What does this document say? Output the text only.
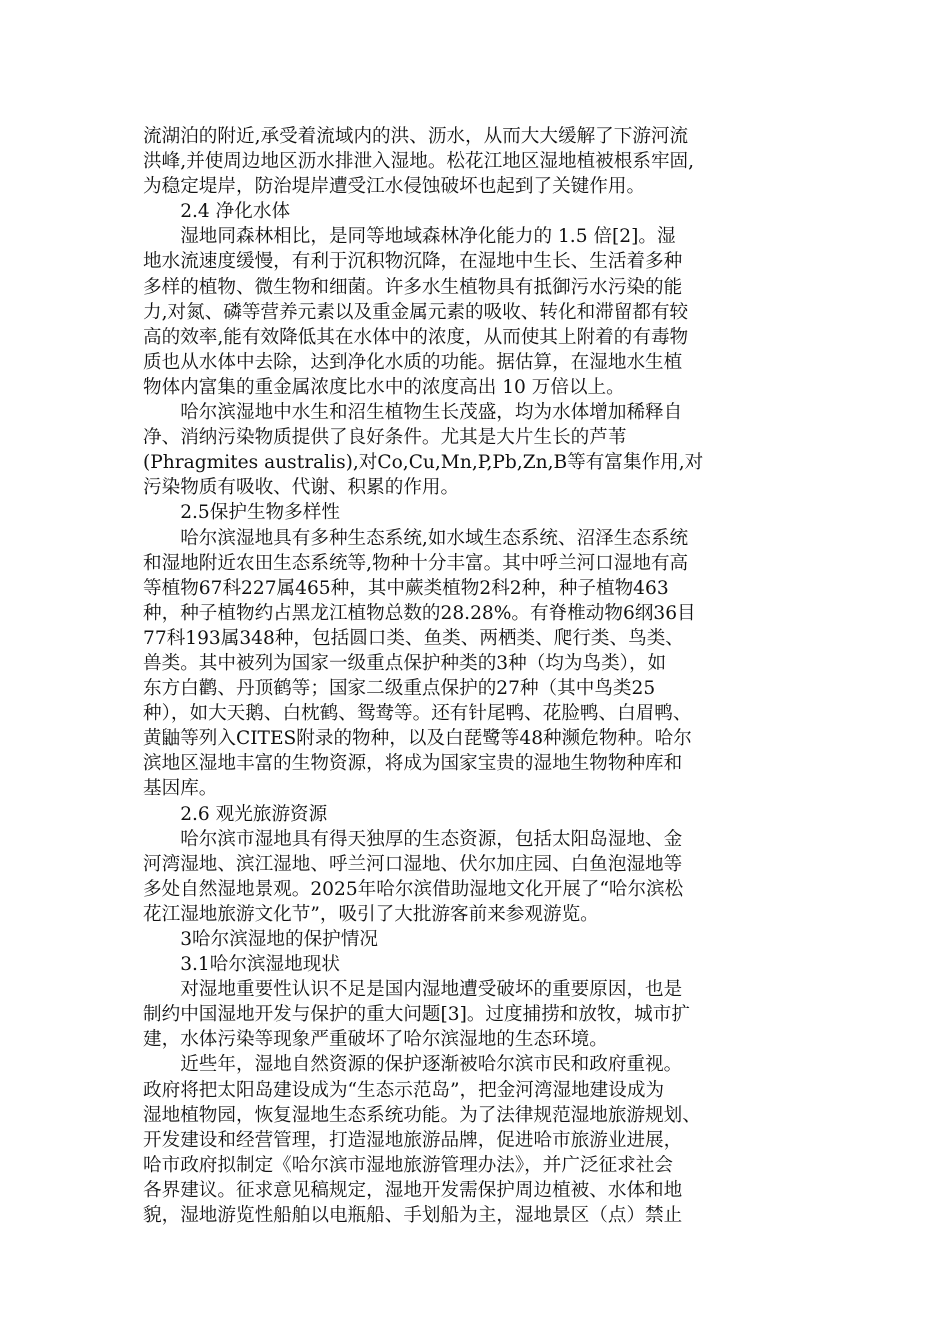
流湖泊的附近,承受着流域内的洪、沥水，从而大大缓解了下游河流
洪峰,并使周边地区沥水排泄入湿地。松花江地区湿地植被根系牢固,
为稳定堤岸，防治堤岸遭受江水侵蚀破坏也起到了关键作用。
　　2.4 净化水体
　　湿地同森林相比，是同等地域森林净化能力的 1.5 倍[2]。湿
地水流速度缓慢，有利于沉积物沉降，在湿地中生长、生活着多种
多样的植物、微生物和细菌。许多水生植物具有抵御污水污染的能
力,对氮、磷等营养元素以及重金属元素的吸收、转化和滞留都有较
高的效率,能有效降低其在水体中的浓度，从而使其上附着的有毒物
质也从水体中去除，达到净化水质的功能。据估算，在湿地水生植
物体内富集的重金属浓度比水中的浓度高出 10 万倍以上。
　　哈尔滨湿地中水生和沼生植物生长茂盛，均为水体增加稀释自
净、消纳污染物质提供了良好条件。尤其是大片生长的芦苇
(Phragmites australis),对Co,Cu,Mn,P,Pb,Zn,B等有富集作用,对
污染物质有吸收、代谢、积累的作用。
　　2.5保护生物多样性
　　哈尔滨湿地具有多种生态系统,如水域生态系统、沼泽生态系统
和湿地附近农田生态系统等,物种十分丰富。其中呼兰河口湿地有高
等植物67科227属465种，其中蕨类植物2科2种，种子植物463
种，种子植物约占黑龙江植物总数的28.28%。有脊椎动物6纲36目
77科193属348种，包括圆口类、鱼类、两栖类、爬行类、鸟类、
兽类。其中被列为国家一级重点保护种类的3种（均为鸟类），如
东方白鹳、丹顶鹤等；国家二级重点保护的27种（其中鸟类25
种），如大天鹅、白枕鹤、鸳鸯等。还有针尾鸭、花脸鸭、白眉鸭、
黄鼬等列入CITES附录的物种，以及白琵鹭等48种濒危物种。哈尔
滨地区湿地丰富的生物资源，将成为国家宝贵的湿地生物物种库和
基因库。
　　2.6 观光旅游资源
　　哈尔滨市湿地具有得天独厚的生态资源，包括太阳岛湿地、金
河湾湿地、滨江湿地、呼兰河口湿地、伏尔加庄园、白鱼泡湿地等
多处自然湿地景观。2025年哈尔滨借助湿地文化开展了“哈尔滨松
花江湿地旅游文化节”，吸引了大批游客前来参观游览。
　　3哈尔滨湿地的保护情况
　　3.1哈尔滨湿地现状
　　对湿地重要性认识不足是国内湿地遭受破坏的重要原因，也是
制约中国湿地开发与保护的重大问题[3]。过度捕捞和放牧，城市扩
建，水体污染等现象严重破坏了哈尔滨湿地的生态环境。
　　近些年，湿地自然资源的保护逐渐被哈尔滨市民和政府重视。
政府将把太阳岛建设成为“生态示范岛”，把金河湾湿地建设成为
湿地植物园，恢复湿地生态系统功能。为了法律规范湿地旅游规划、
开发建设和经营管理，打造湿地旅游品牌，促进哈市旅游业进展，
哈市政府拟制定《哈尔滨市湿地旅游管理办法》，并广泛征求社会
各界建议。征求意见稿规定，湿地开发需保护周边植被、水体和地
貌，湿地游览性船舶以电瓶船、手划船为主，湿地景区（点）禁止
